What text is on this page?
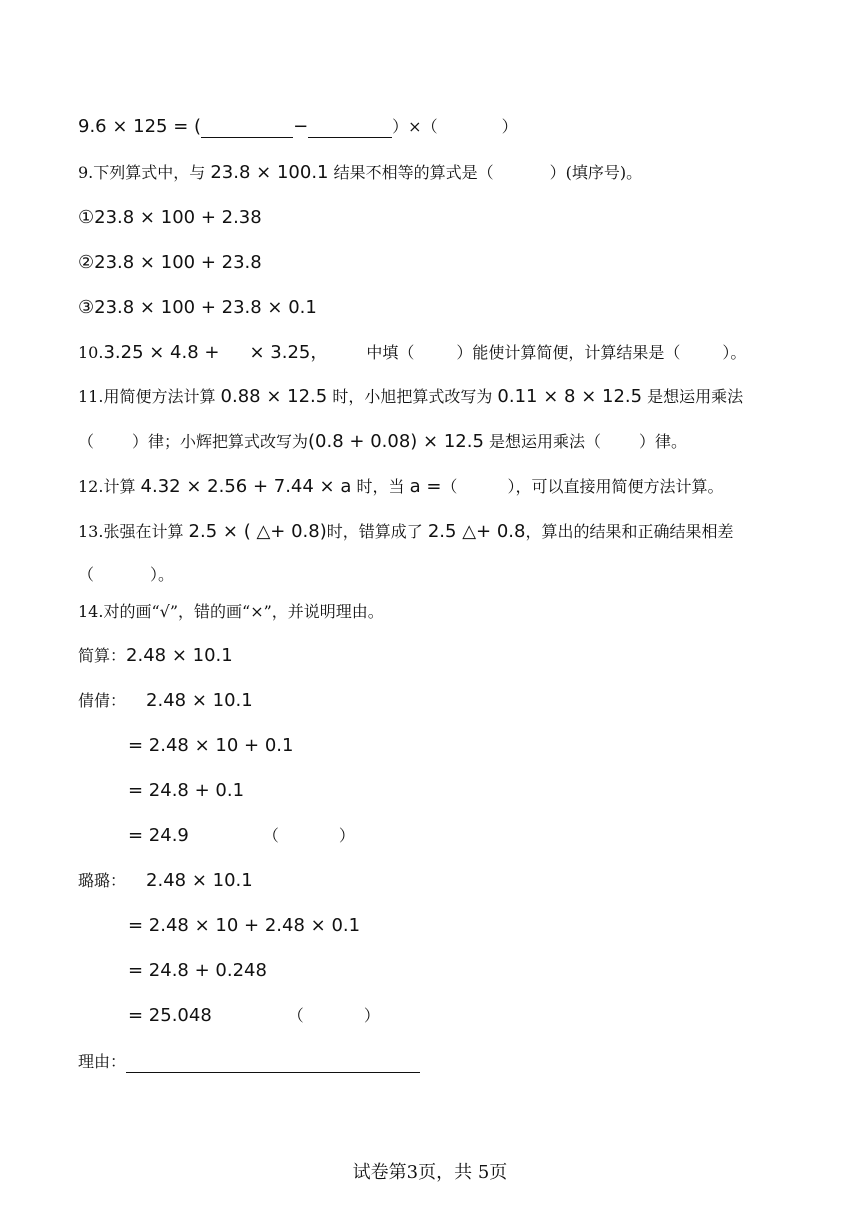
9.6 × 125 = (	−	）×（	）
9.下列算式中，与 23.8 × 100.1 结果不相等的算式是（	）(填序号)。
①23.8 × 100 + 2.38
②23.8 × 100 + 23.8
③23.8 × 100 + 23.8 × 0.1
10.3.25 × 4.8 + × 3.25， 中填（	）能使计算简便，计算结果是（	）。
11.用简便方法计算 0.88 × 12.5 时，小旭把算式改写为 0.11 × 8 × 12.5 是想运用乘法
（ ）律；小辉把算式改写为(0.8 + 0.08) × 12.5 是想运用乘法（ ）律。
12.计算 4.32 × 2.56 + 7.44 × a 时，当 a =（	），可以直接用简便方法计算。
13.张强在计算 2.5 × ( △+ 0.8)时，错算成了 2.5 △+ 0.8，算出的结果和正确结果相差
（	）。
14.对的画“√”，错的画“×”，并说明理由。
简算：2.48 × 10.1
倩倩： 2.48 × 10.1
= 2.48 × 10 + 0.1
= 24.8 + 0.1
= 24.9	（	）
璐璐： 2.48 × 10.1
= 2.48 × 10 + 2.48 × 0.1
= 24.8 + 0.248
= 25.048	（	）
理由：
试卷第3页，共 5页
